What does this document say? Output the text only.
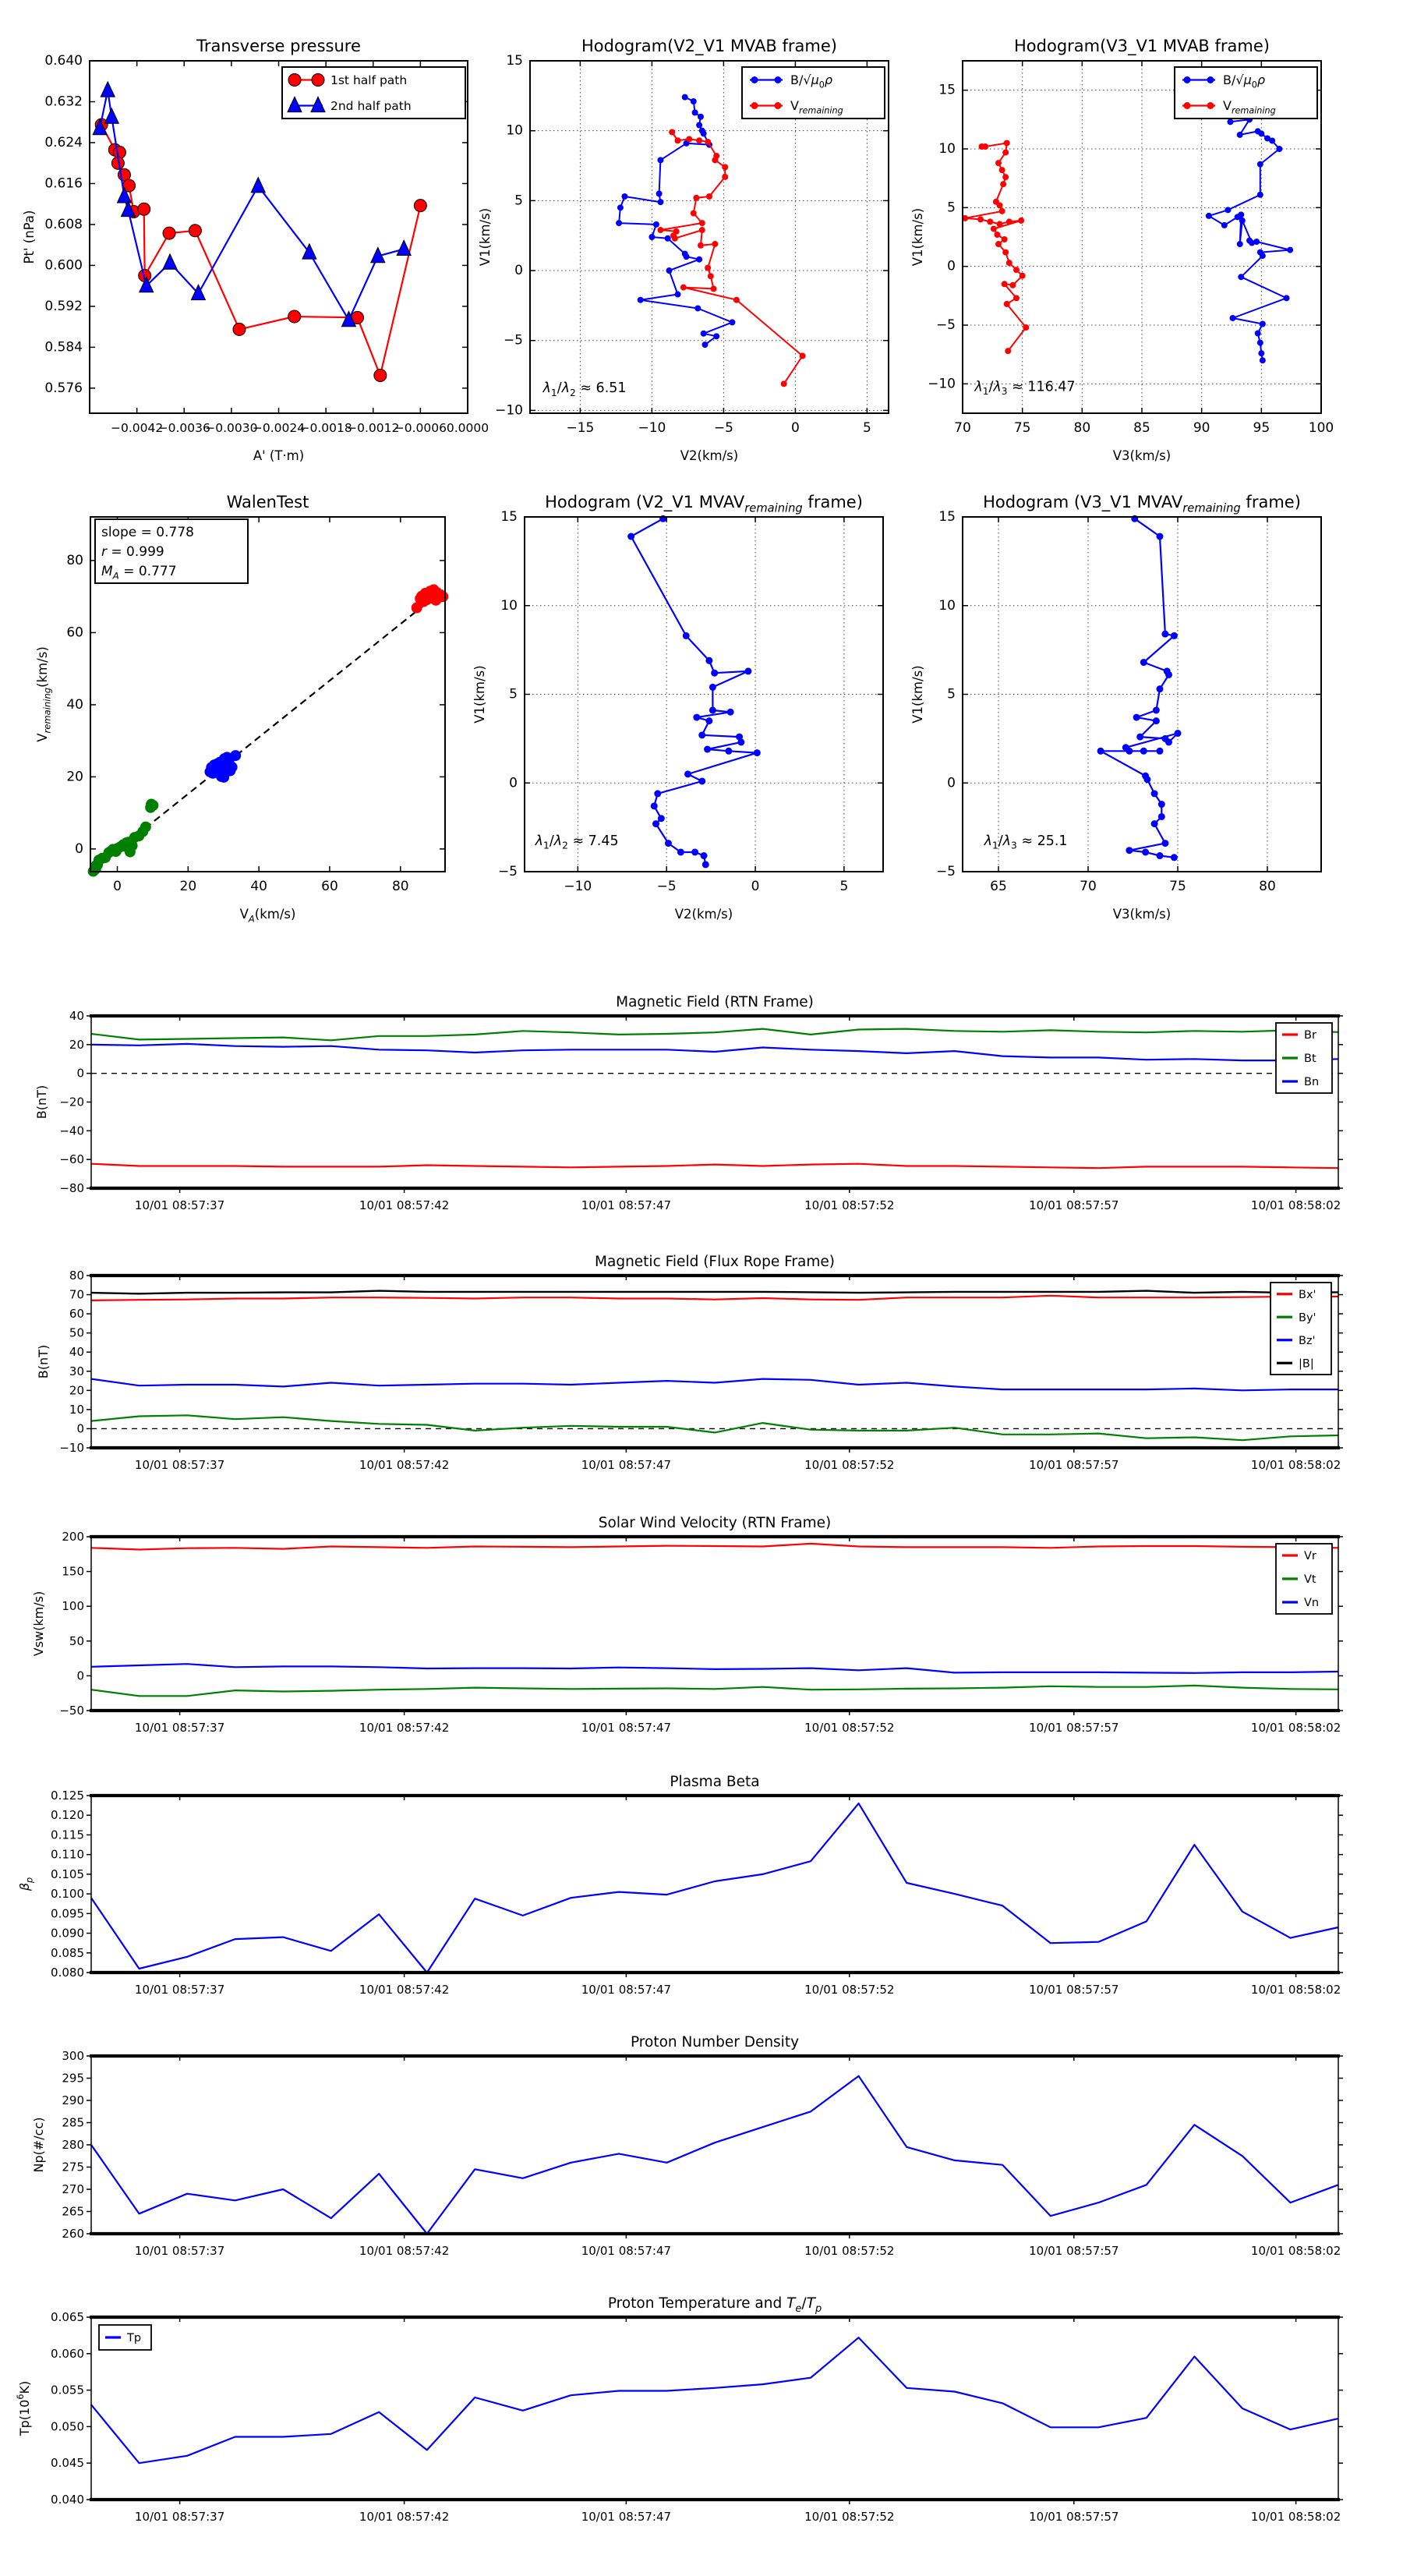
−0.0042
−0.0036
−0.0030
−0.0024
−0.0018
−0.0012
−0.0006 0.0000
0.640
0.632
0.624
0.616
0.608
0.600
0.592
0.584
0.576
Transverse pressure
A' (T·m)
Pt' (nPa)
1st half path
2nd half path
−15	−10	−5	0	5
15
10
5
0
−5
−10
Hodogram(V2_V1 MVAB frame)
V2(km/s)
V1(km/s)
$\lambda_1/\lambda_2 \approx 6.51$
$B/√\mu_0\rho$
$V_{remaining}$
70	75	80	85	90	95	100
15
10
5
0
−5
−10
Hodogram(V3_V1 MVAB frame)
V3(km/s)
V1(km/s)
$\lambda_1/\lambda_3 \approx 116.47$
$B/√\mu_0\rho$
$V_{remaining}$
0	20	40	60	80
0
20
40
60
80
WalenTest
$V_A(km/s)$
$V_{remaining}(km/s)$
slope = 0.778
r = 0.999
$M_A = 0.777$
−10	−5	0	5
15
10
5
0
−5
Hodogram (V2_V1 $MVAV_{remaining}$ frame)
V2(km/s)
V1(km/s)
$\lambda_1/\lambda_2 \approx 7.45$
65	70	75	80
15
10
5
0
−5
Hodogram (V3_V1 $MVAV_{remaining}$ frame)
V3(km/s)
V1(km/s)
$\lambda_1/\lambda_3 \approx 25.1$
10/01 08:57:37	10/01 08:57:42	10/01 08:57:47	10/01 08:57:52	10/01 08:57:57	10/01 08:58:02
40
20
0
−20
−40
−60
−80
Magnetic Field (RTN Frame)
B(nT)
Br
Bt
Bn
10/01 08:57:37	10/01 08:57:42	10/01 08:57:47	10/01 08:57:52	10/01 08:57:57	10/01 08:58:02
80
70
60
50
40
30
20
10
0
−10
Magnetic Field (Flux Rope Frame)
B(nT)
Bx'
By'
Bz'
|B|
10/01 08:57:37	10/01 08:57:42	10/01 08:57:47	10/01 08:57:52	10/01 08:57:57	10/01 08:58:02
200
150
100
50
0
−50
Solar Wind Velocity (RTN Frame)
Vsw(km/s)
Vr
Vt
Vn
10/01 08:57:37	10/01 08:57:42	10/01 08:57:47	10/01 08:57:52	10/01 08:57:57	10/01 08:58:02
0.125
0.120
0.115
0.110
0.105
0.100
0.095
0.090
0.085
0.080
Plasma Beta
$\beta_p$
10/01 08:57:37	10/01 08:57:42	10/01 08:57:47	10/01 08:57:52	10/01 08:57:57	10/01 08:58:02
300
295
290
285
280
275
270
265
260
Proton Number Density
Np(#/cc)
10/01 08:57:37	10/01 08:57:42	10/01 08:57:47	10/01 08:57:52	10/01 08:57:57	10/01 08:58:02
0.065
0.060
0.055
0.050
0.045
0.040
Proton Temperature and $T_e/T_p$
$Tp(10^6K)$
Tp
